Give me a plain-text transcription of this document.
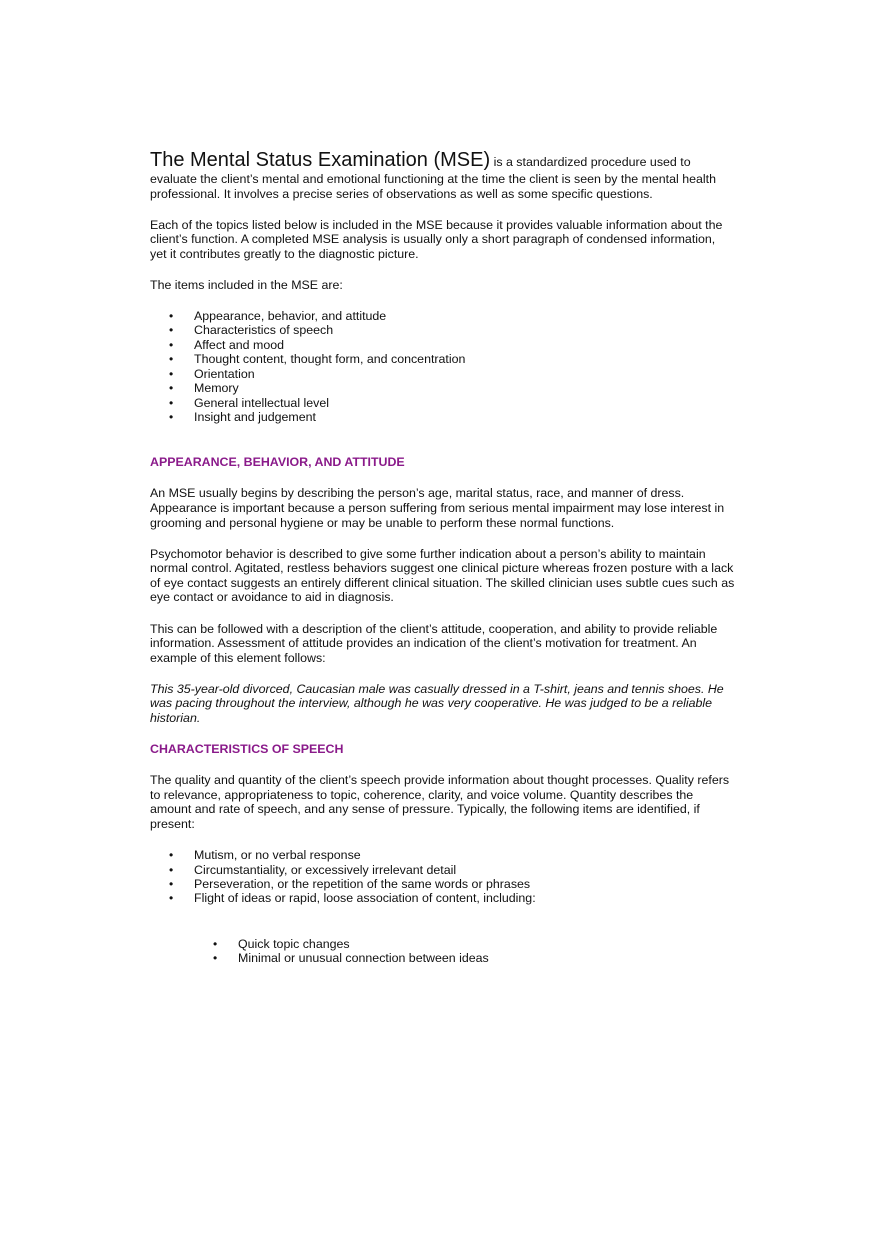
The Mental Status Examination (MSE) is a standardized procedure used to evaluate the client’s mental and emotional functioning at the time the client is seen by the mental health professional. It involves a precise series of observations as well as some specific questions.

Each of the topics listed below is included in the MSE because it provides valuable information about the client’s function. A completed MSE analysis is usually only a short paragraph of condensed information, yet it contributes greatly to the diagnostic picture.

The items included in the MSE are:

• Appearance, behavior, and attitude
• Characteristics of speech
• Affect and mood
• Thought content, thought form, and concentration
• Orientation
• Memory
• General intellectual level
• Insight and judgement
APPEARANCE, BEHAVIOR, AND ATTITUDE

An MSE usually begins by describing the person’s age, marital status, race, and manner of dress. Appearance is important because a person suffering from serious mental impairment may lose interest in grooming and personal hygiene or may be unable to perform these normal functions.

Psychomotor behavior is described to give some further indication about a person’s ability to maintain normal control. Agitated, restless behaviors suggest one clinical picture whereas frozen posture with a lack of eye contact suggests an entirely different clinical situation. The skilled clinician uses subtle cues such as eye contact or avoidance to aid in diagnosis.

This can be followed with a description of the client’s attitude, cooperation, and ability to provide reliable information. Assessment of attitude provides an indication of the client’s motivation for treatment. An example of this element follows:

This 35-year-old divorced, Caucasian male was casually dressed in a T-shirt, jeans and tennis shoes. He was pacing throughout the interview, although he was very cooperative. He was judged to be a reliable historian.

CHARACTERISTICS OF SPEECH

The quality and quantity of the client’s speech provide information about thought processes. Quality refers to relevance, appropriateness to topic, coherence, clarity, and voice volume. Quantity describes the amount and rate of speech, and any sense of pressure. Typically, the following items are identified, if present:

• Mutism, or no verbal response
• Circumstantiality, or excessively irrelevant detail
• Perseveration, or the repetition of the same words or phrases
• Flight of ideas or rapid, loose association of content, including:
• Quick topic changes
• Minimal or unusual connection between ideas
